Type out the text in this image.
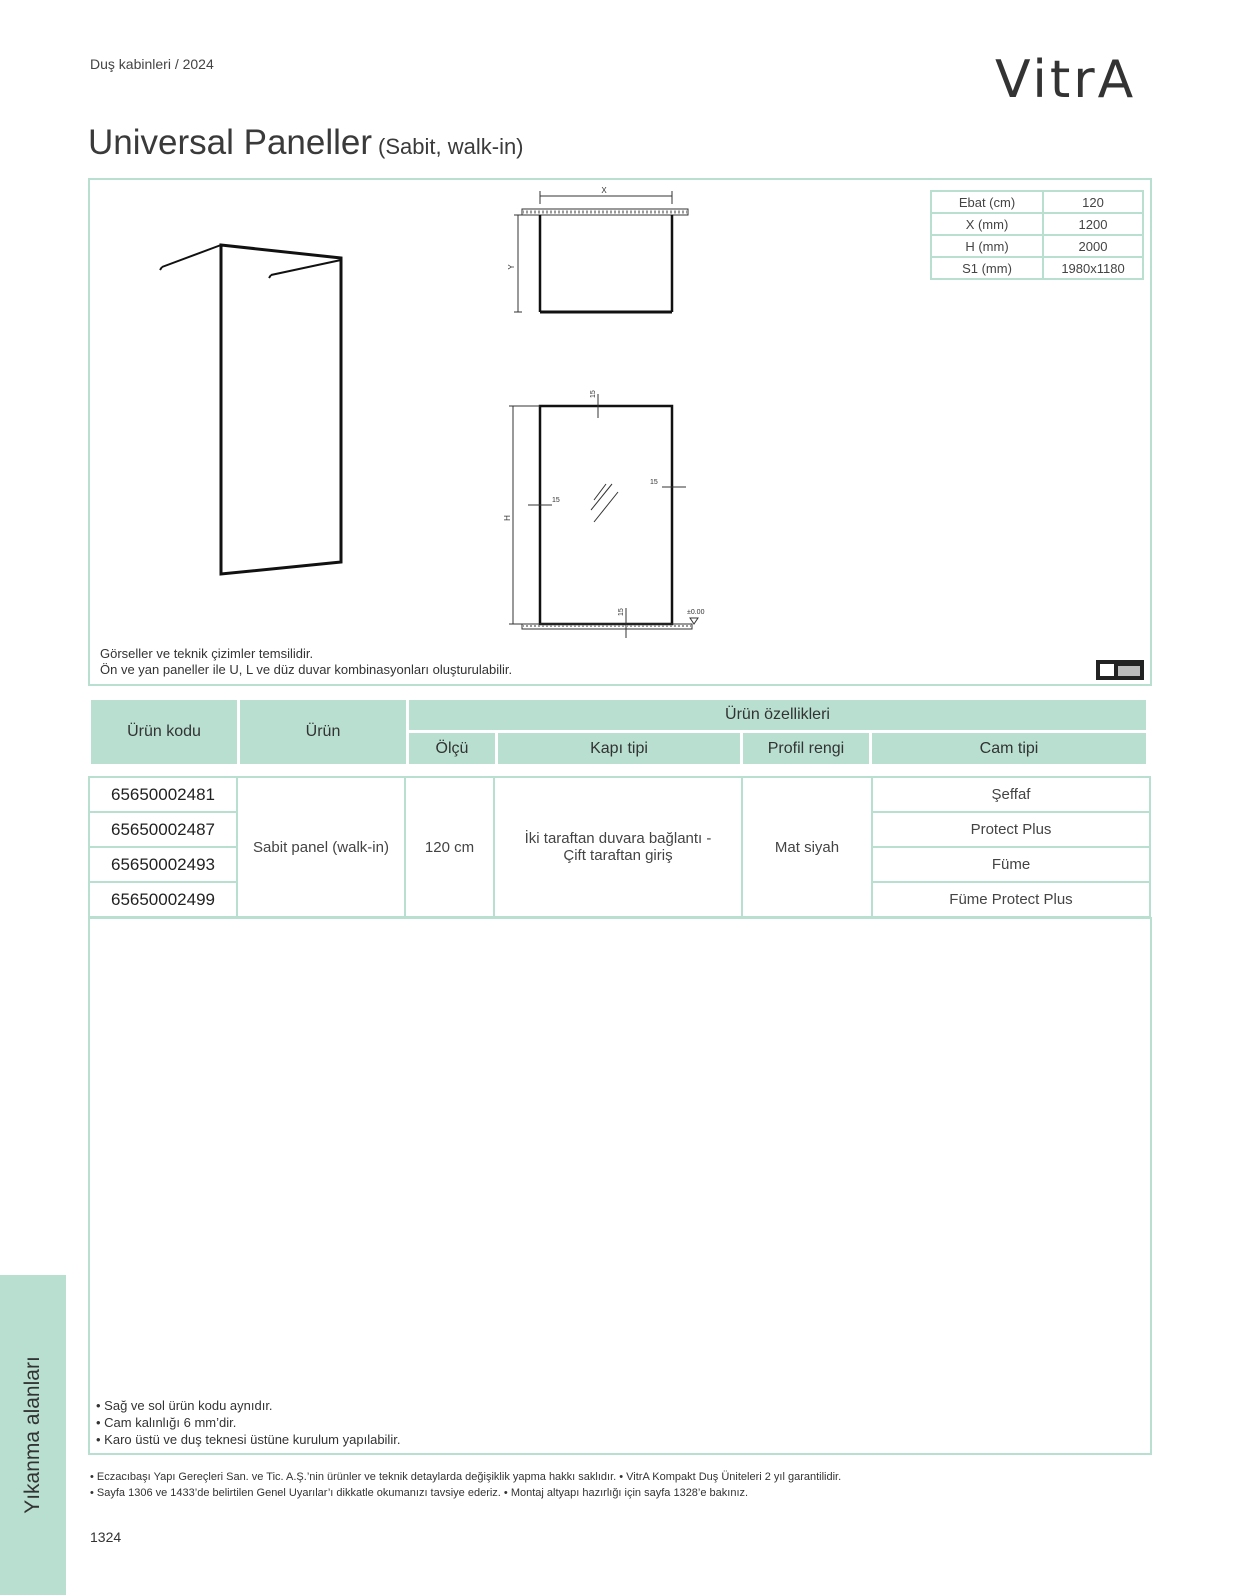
Duş kabinleri / 2024	VitrA
Universal Paneller (Sabit, walk-in)
X
Y
H
15
15
15
15	±0.00
Ebat (cm)	120
X (mm)	1200
H (mm)	2000
S1 (mm)	1980x1180
Görseller ve teknik çizimler temsilidir.
Ön ve yan paneller ile U, L ve düz duvar kombinasyonları oluşturulabilir.
Ürün kodu	Ürün	Ürün özellikleri			
		Ölçü	Kapı tipi	Profil rengi	Cam tipi
65650002481	Sabit panel (walk-in)	120 cm	İki taraftan duvara bağlantı - Çift taraftan giriş	Mat siyah	Şeffaf
65650002487					Protect Plus
65650002493					Füme
65650002499					Füme Protect Plus
• Sağ ve sol ürün kodu aynıdır.
• Cam kalınlığı 6 mm’dir.
• Karo üstü ve duş teknesi üstüne kurulum yapılabilir.
• Eczacıbaşı Yapı Gereçleri San. ve Tic. A.Ş.’nin ürünler ve teknik detaylarda değişiklik yapma hakkı saklıdır. • VitrA Kompakt Duş Üniteleri 2 yıl garantilidir.
• Sayfa 1306 ve 1433’de belirtilen Genel Uyarılar’ı dikkatle okumanızı tavsiye ederiz. • Montaj altyapı hazırlığı için sayfa 1328’e bakınız.
1324
Yıkanma alanları
